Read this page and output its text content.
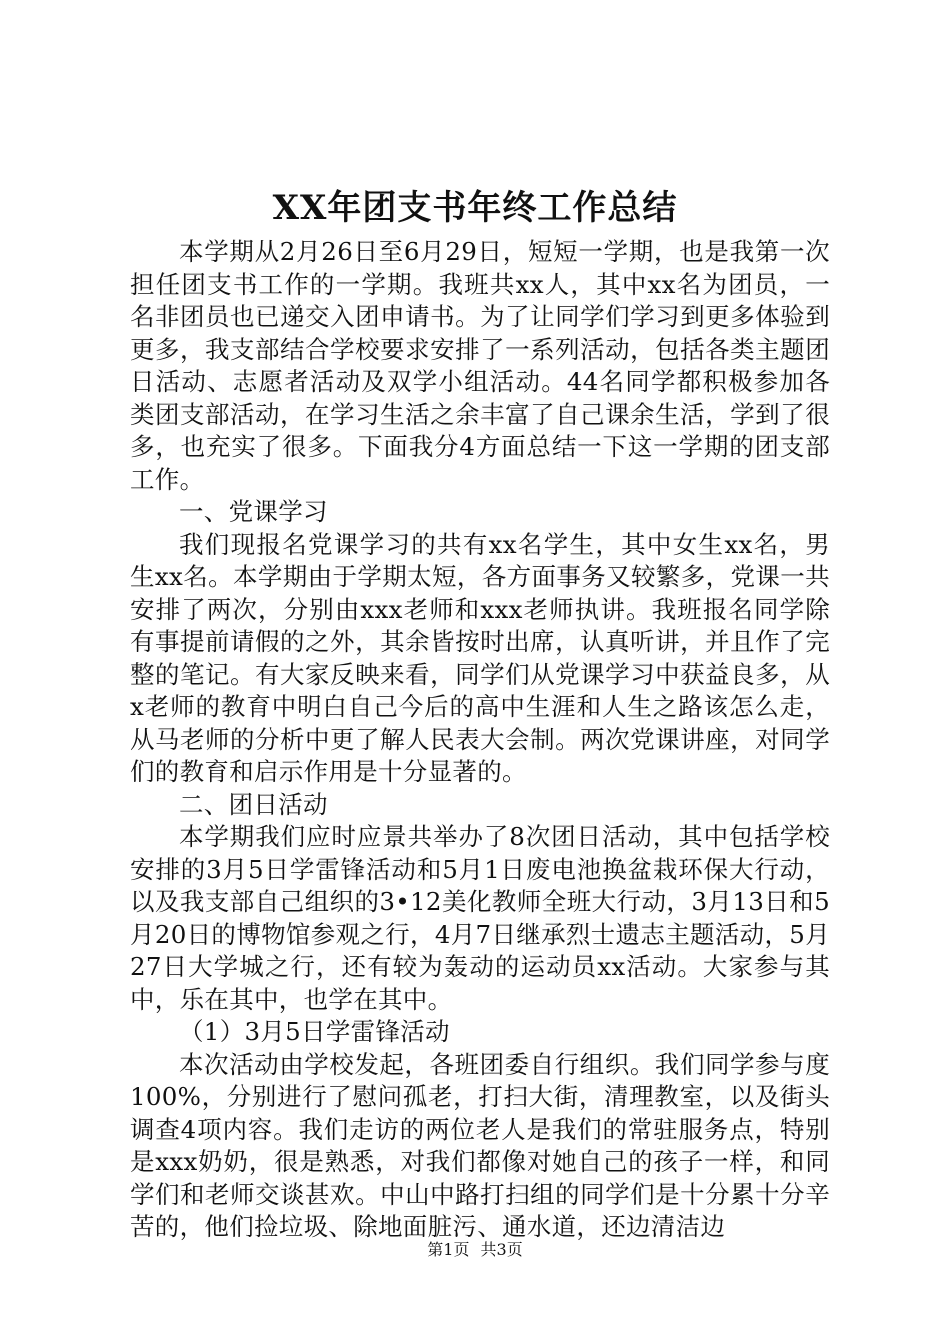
XX年团支书年终工作总结

本学期从2月26日至6月29日，短短一学期，也是我第一次担任团支书工作的一学期。我班共xx人，其中xx名为团员，一名非团员也已递交入团申请书。为了让同学们学习到更多体验到更多，我支部结合学校要求安排了一系列活动，包括各类主题团日活动、志愿者活动及双学小组活动。44名同学都积极参加各类团支部活动，在学习生活之余丰富了自己课余生活，学到了很多，也充实了很多。下面我分4方面总结一下这一学期的团支部工作。

一、党课学习

我们现报名党课学习的共有xx名学生，其中女生xx名，男生xx名。本学期由于学期太短，各方面事务又较繁多，党课一共安排了两次，分别由xxx老师和xxx老师执讲。我班报名同学除有事提前请假的之外，其余皆按时出席，认真听讲，并且作了完整的笔记。有大家反映来看，同学们从党课学习中获益良多，从x老师的教育中明白自己今后的高中生涯和人生之路该怎么走，从马老师的分析中更了解人民表大会制。两次党课讲座，对同学们的教育和启示作用是十分显著的。

二、团日活动

本学期我们应时应景共举办了8次团日活动，其中包括学校安排的3月5日学雷锋活动和5月1日废电池换盆栽环保大行动，以及我支部自己组织的3•12美化教师全班大行动，3月13日和5月20日的博物馆参观之行，4月7日继承烈士遗志主题活动，5月27日大学城之行，还有较为轰动的运动员xx活动。大家参与其中，乐在其中，也学在其中。

（1）3月5日学雷锋活动

本次活动由学校发起，各班团委自行组织。我们同学参与度100%，分别进行了慰问孤老，打扫大街，清理教室，以及街头调查4项内容。我们走访的两位老人是我们的常驻服务点，特别是xxx奶奶，很是熟悉，对我们都像对她自己的孩子一样，和同学们和老师交谈甚欢。中山中路打扫组的同学们是十分累十分辛苦的，他们捡垃圾、除地面脏污、通水道，还边清洁边

第1页 共3页
